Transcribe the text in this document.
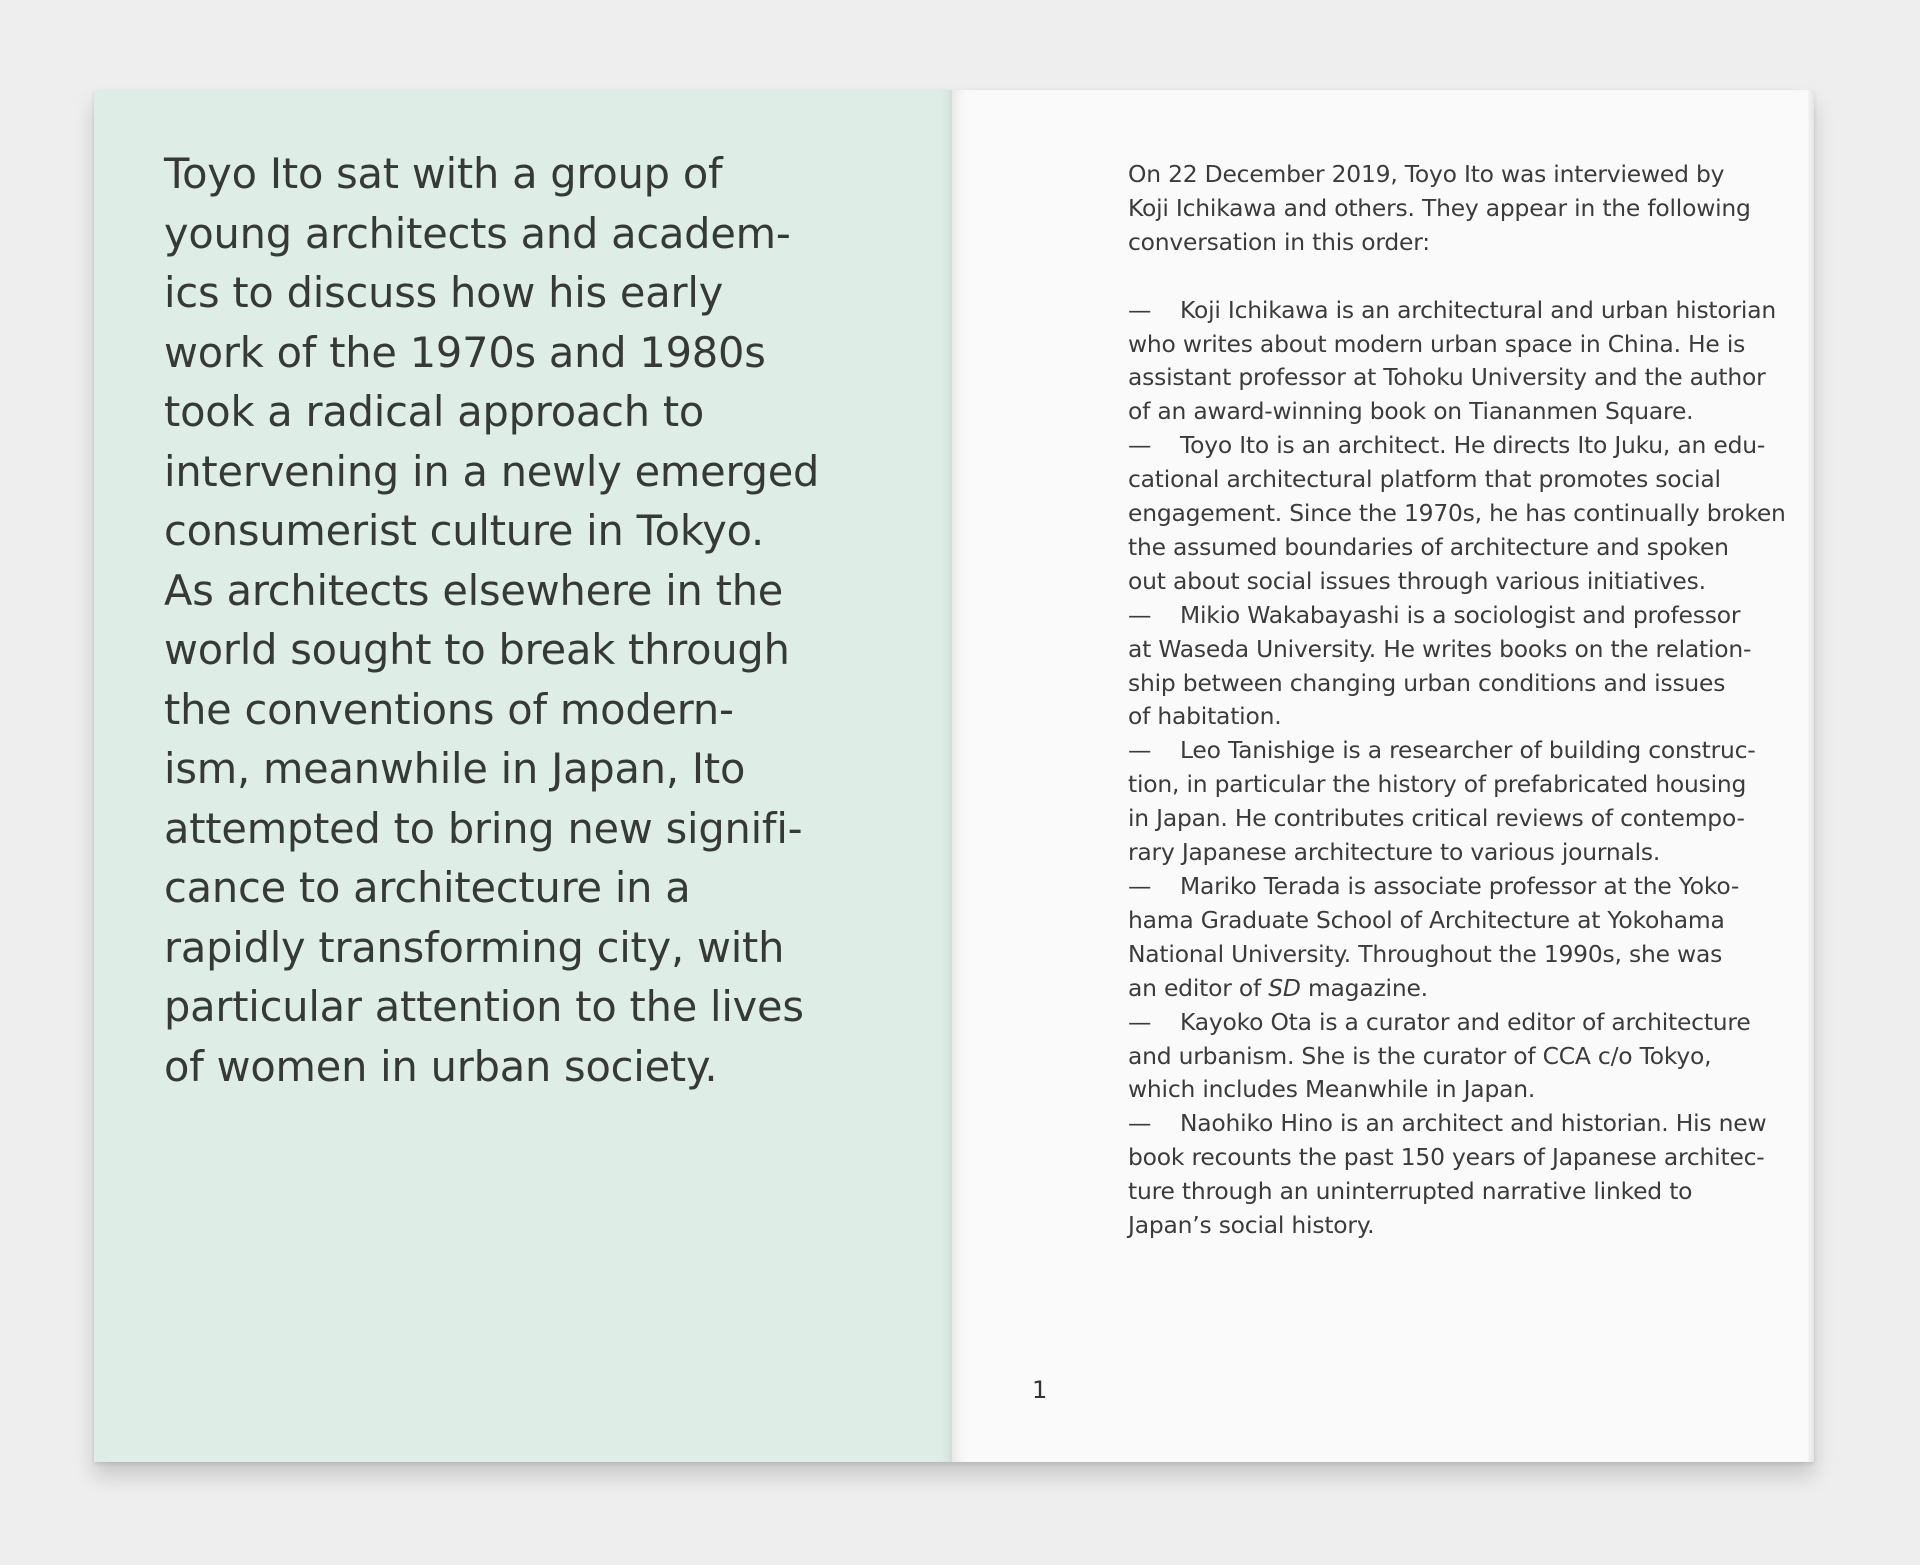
Toyo Ito sat with a group of
young architects and academ-
ics to discuss how his early
work of the 1970s and 1980s
took a radical approach to
intervening in a newly emerged
consumerist culture in Tokyo.
As architects elsewhere in the
world sought to break through
the conventions of modern-
ism, meanwhile in Japan, Ito
attempted to bring new signifi-
cance to architecture in a
rapidly transforming city, with
particular attention to the lives
of women in urban society.

On 22 December 2019, Toyo Ito was interviewed by
Koji Ichikawa and others. They appear in the following
conversation in this order:
— Koji Ichikawa is an architectural and urban historian
who writes about modern urban space in China. He is
assistant professor at Tohoku University and the author
of an award-winning book on Tiananmen Square.
— Toyo Ito is an architect. He directs Ito Juku, an edu-
cational architectural platform that promotes social
engagement. Since the 1970s, he has continually broken
the assumed boundaries of architecture and spoken
out about social issues through various initiatives.
— Mikio Wakabayashi is a sociologist and professor
at Waseda University. He writes books on the relation-
ship between changing urban conditions and issues
of habitation.
— Leo Tanishige is a researcher of building construc-
tion, in particular the history of prefabricated housing
in Japan. He contributes critical reviews of contempo-
rary Japanese architecture to various journals.
— Mariko Terada is associate professor at the Yoko-
hama Graduate School of Architecture at Yokohama
National University. Throughout the 1990s, she was
an editor of SD magazine.
— Kayoko Ota is a curator and editor of architecture
and urbanism. She is the curator of CCA c/o Tokyo,
which includes Meanwhile in Japan.
— Naohiko Hino is an architect and historian. His new
book recounts the past 150 years of Japanese architec-
ture through an uninterrupted narrative linked to
Japan’s social history.
1
